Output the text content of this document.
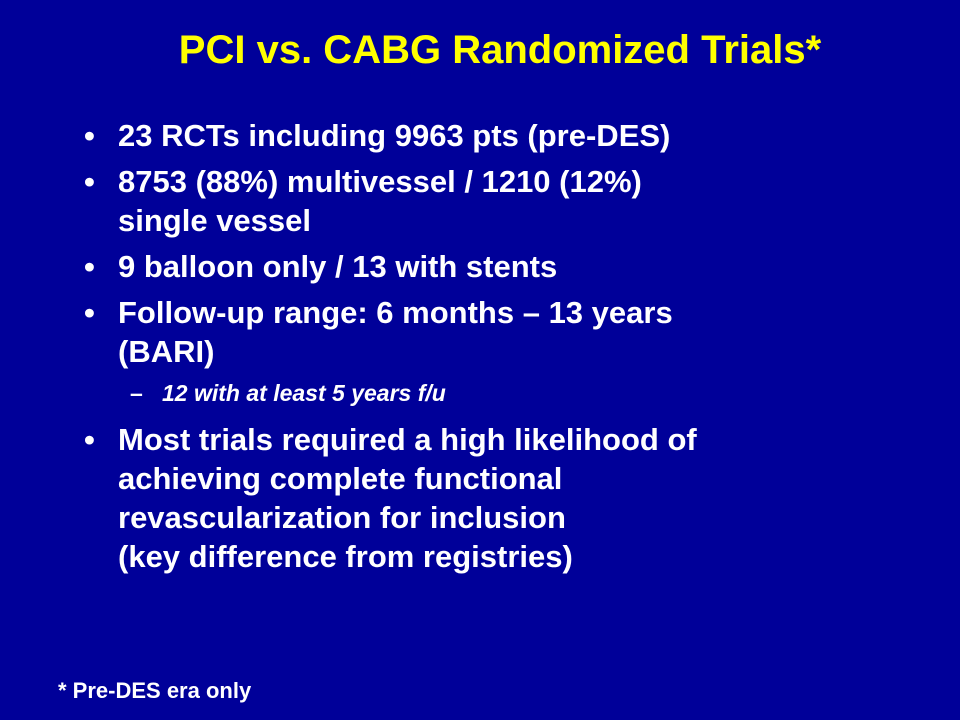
PCI vs. CABG Randomized Trials*
• 23 RCTs including 9963 pts (pre-DES)
• 8753 (88%) multivessel / 1210 (12%)
single vessel
• 9 balloon only / 13 with stents
• Follow-up range: 6 months – 13 years
(BARI)
– 12 with at least 5 years f/u
• Most trials required a high likelihood of
achieving complete functional
revascularization for inclusion
(key difference from registries)
* Pre-DES era only
